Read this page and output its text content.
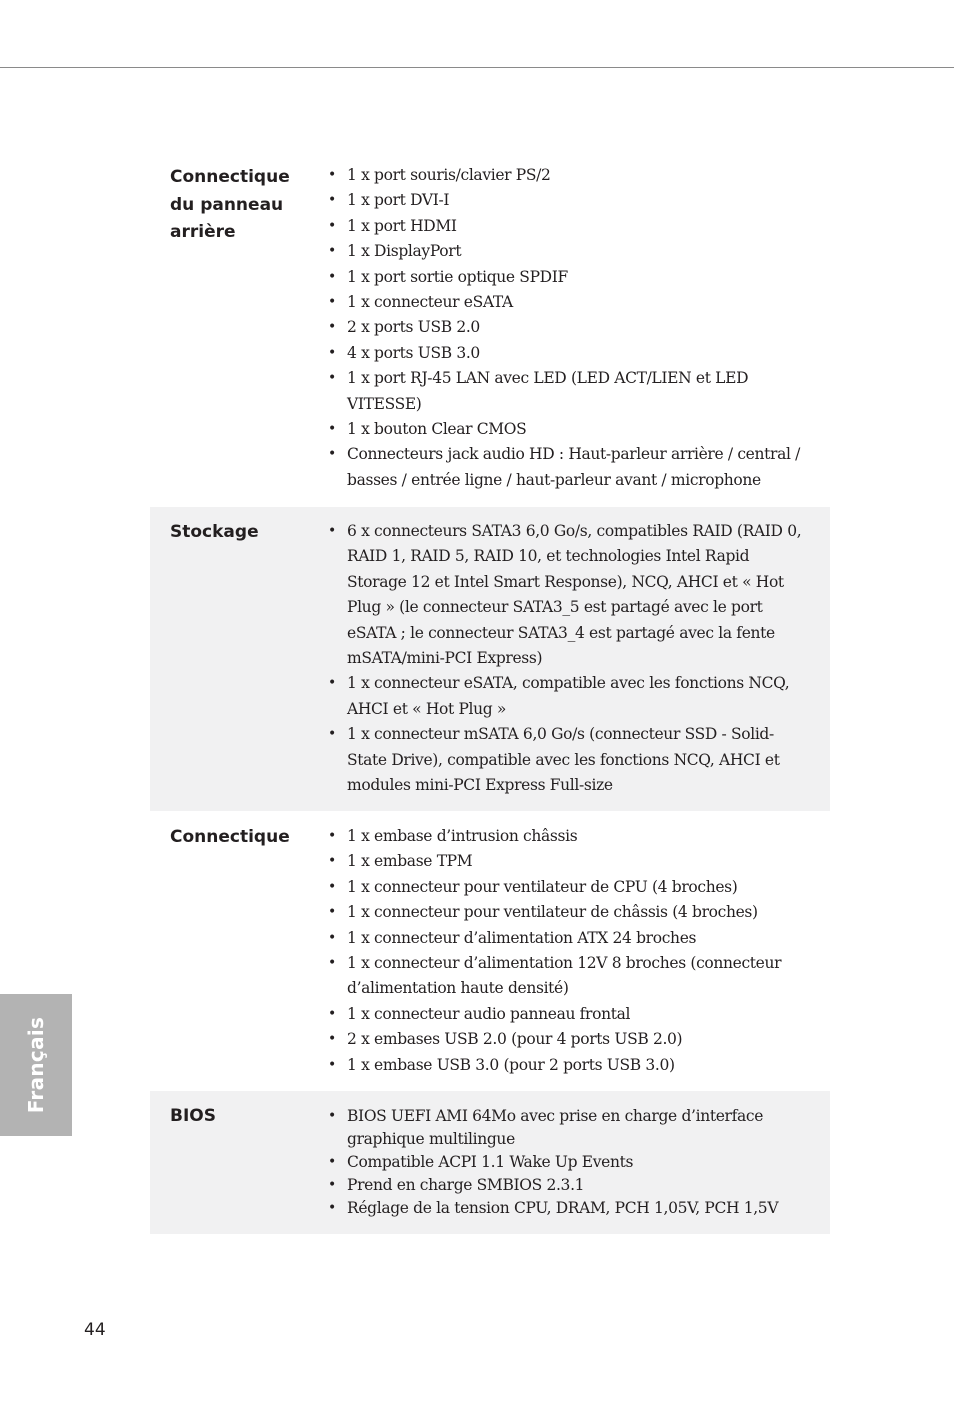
Connectique du panneau arrière
• 1 x port souris/clavier PS/2
• 1 x port DVI-I
• 1 x port HDMI
• 1 x DisplayPort
• 1 x port sortie optique SPDIF
• 1 x connecteur eSATA
• 2 x ports USB 2.0
• 4 x ports USB 3.0
• 1 x port RJ-45 LAN avec LED (LED ACT/LIEN et LED VITESSE)
• 1 x bouton Clear CMOS
• Connecteurs jack audio HD : Haut-parleur arrière / central / basses / entrée ligne / haut-parleur avant / microphone
Stockage	• 6 x connecteurs SATA3 6,0 Go/s, compatibles RAID (RAID 0, RAID 1, RAID 5, RAID 10, et technologies Intel Rapid Storage 12 et Intel Smart Response), NCQ, AHCI et « Hot Plug » (le connecteur SATA3_5 est partagé avec le port eSATA ; le connecteur SATA3_4 est partagé avec la fente mSATA/mini-PCI Express)
• 1 x connecteur eSATA, compatible avec les fonctions NCQ, AHCI et « Hot Plug »
• 1 x connecteur mSATA 6,0 Go/s (connecteur SSD - Solid-State Drive), compatible avec les fonctions NCQ, AHCI et modules mini-PCI Express Full-size
Connectique	• 1 x embase d’intrusion châssis
• 1 x embase TPM
• 1 x connecteur pour ventilateur de CPU (4 broches)
• 1 x connecteur pour ventilateur de châssis (4 broches)
• 1 x connecteur d’alimentation ATX 24 broches
• 1 x connecteur d’alimentation 12V 8 broches (connecteur d’alimentation haute densité)
• 1 x connecteur audio panneau frontal
• 2 x embases USB 2.0 (pour 4 ports USB 2.0)
• 1 x embase USB 3.0 (pour 2 ports USB 3.0)
BIOS	• BIOS UEFI AMI 64Mo avec prise en charge d’interface graphique multilingue
• Compatible ACPI 1.1 Wake Up Events
• Prend en charge SMBIOS 2.3.1
• Réglage de la tension CPU, DRAM, PCH 1,05V, PCH 1,5V
Français
44
